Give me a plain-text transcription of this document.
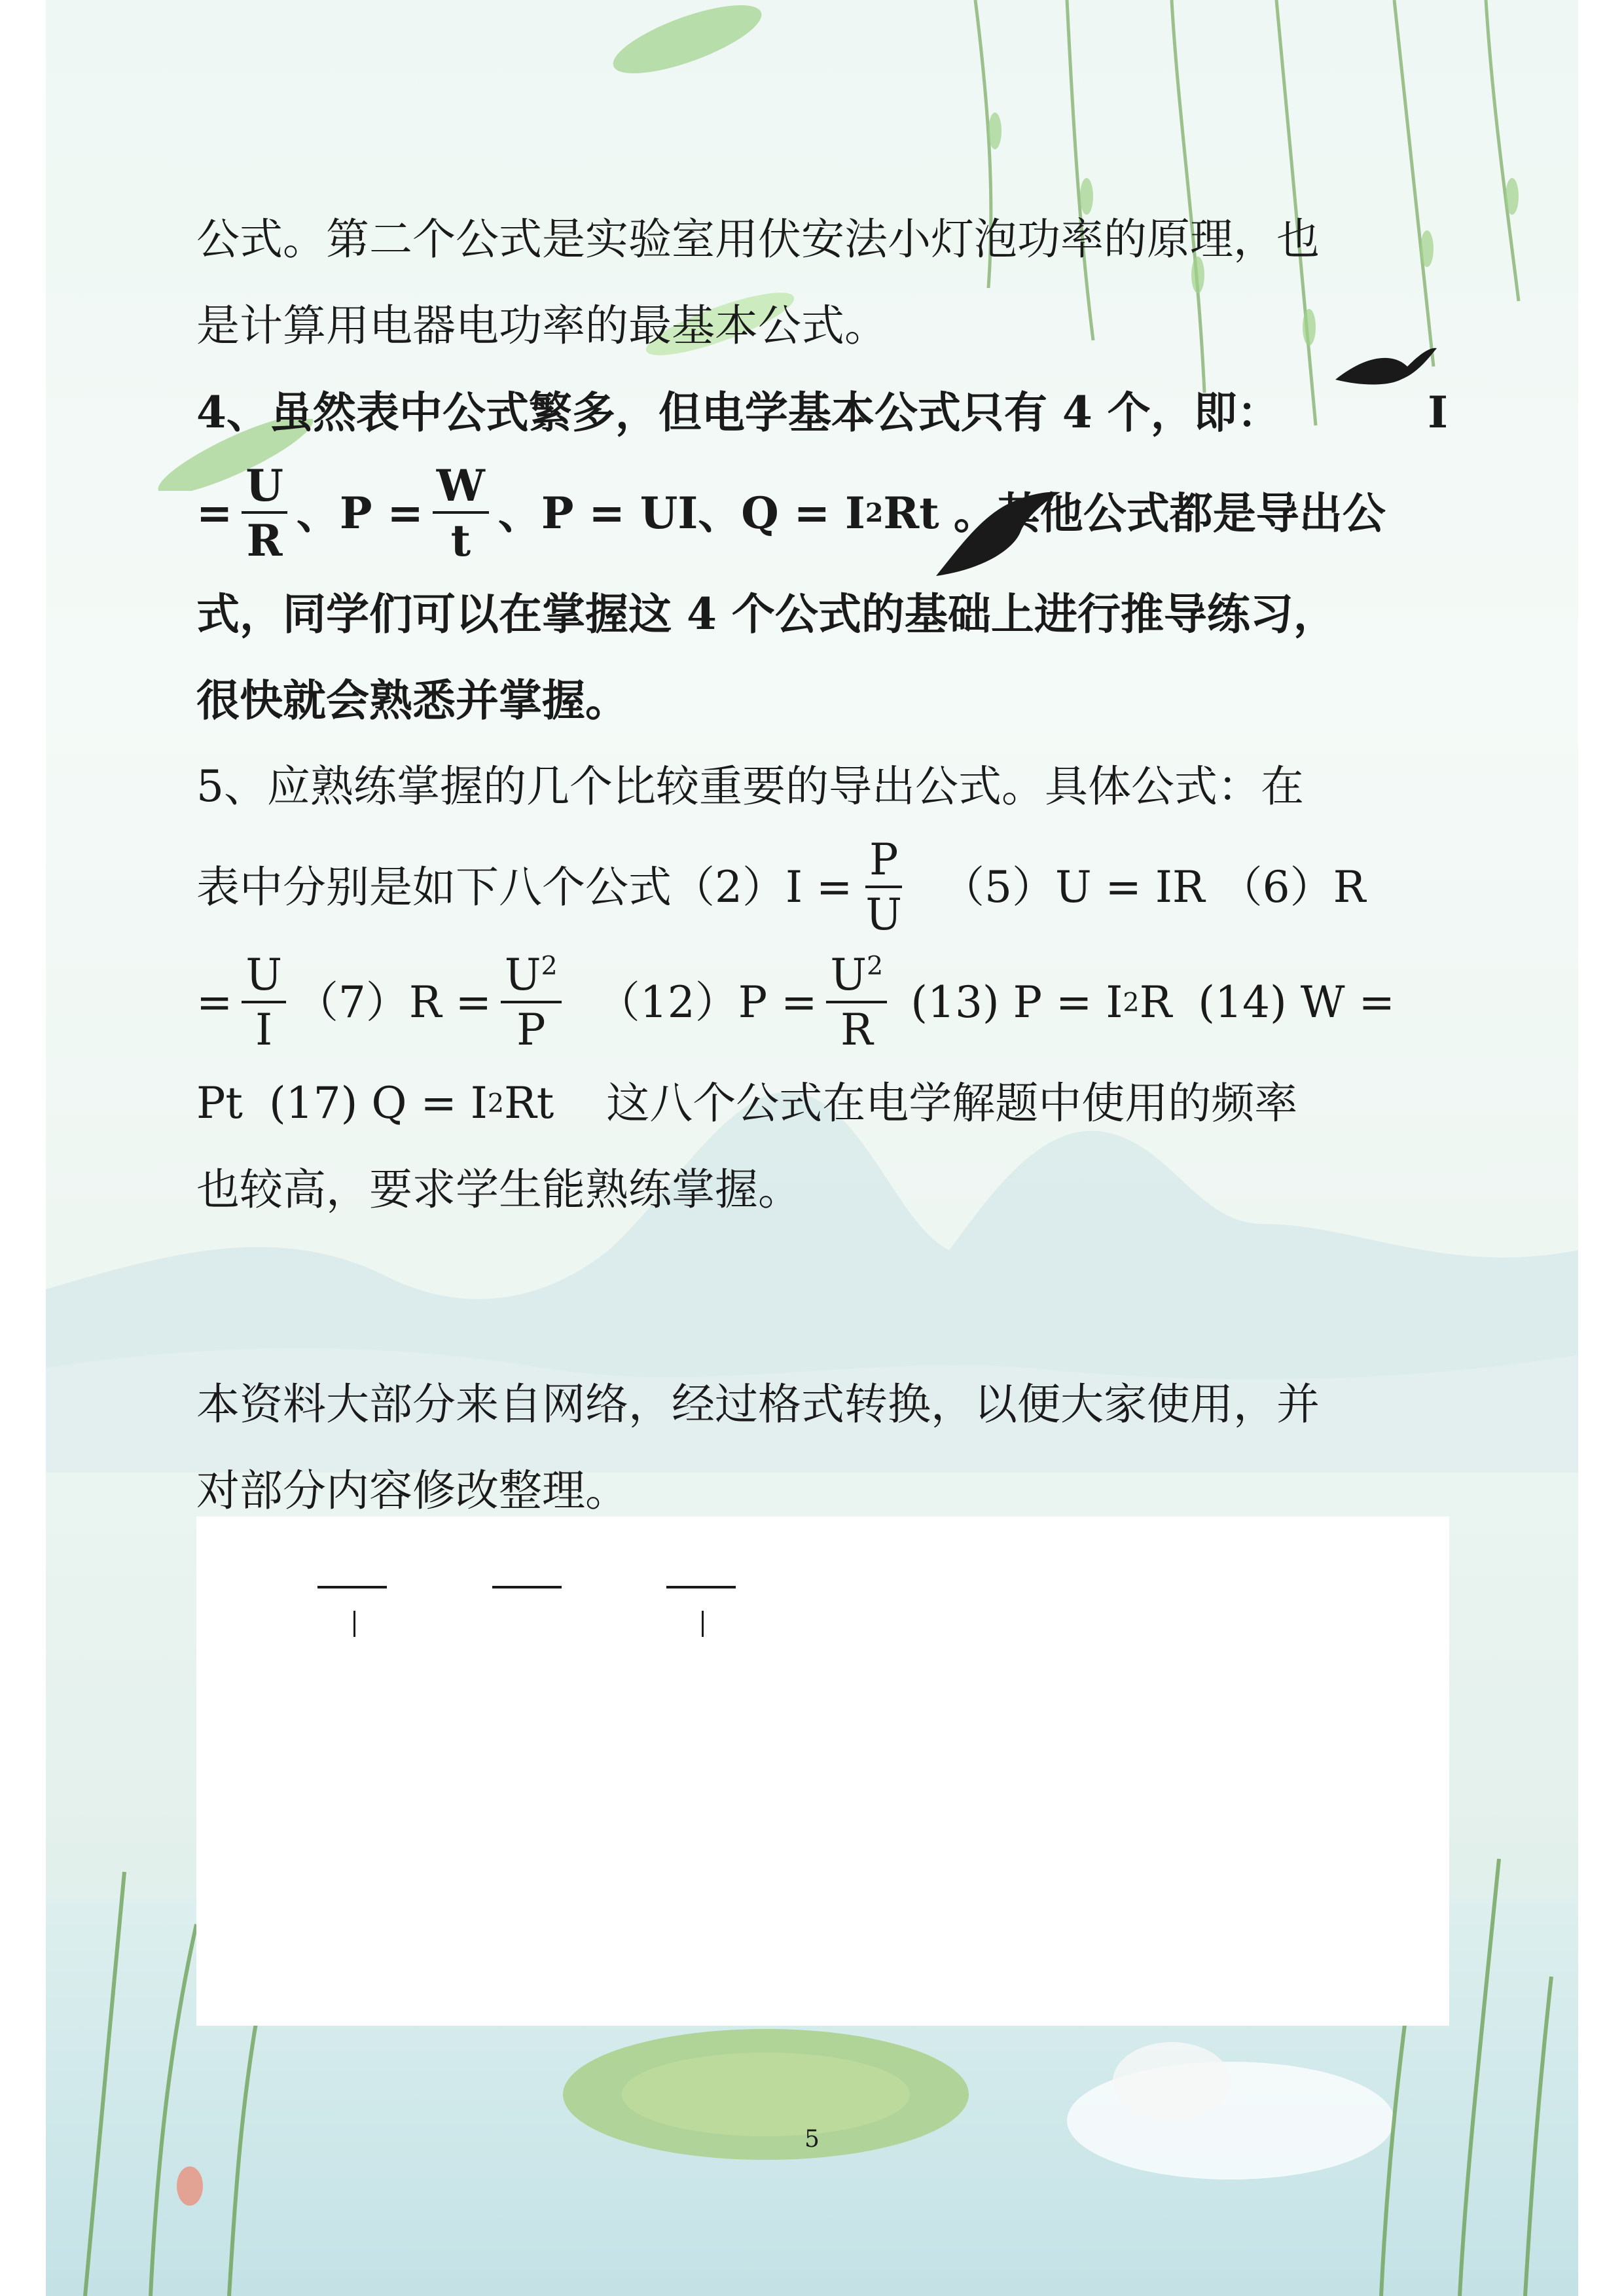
公式。第二个公式是实验室用伏安法小灯泡功率的原理，也
是计算用电器电功率的最基本公式。
4、虽然表中公式繁多，但电学基本公式只有 4 个，即：	I
= $\frac{U}{R}$ 、$P = \frac{W}{t}$ 、P = UI、Q = I 2 Rt 。其他公式都是导出公
式，同学们可以在掌握这 4 个公式的基础上进行推导练习，
很快就会熟悉并掌握。
5、应熟练掌握的几个比较重要的导出公式。具体公式：在
表中分别是如下八个公式$(2)I = \frac{P}{U} (5)U$ = IR （6）R
= $\frac{U}{I} (7)R = \frac{U^2}{P} (12)P = \frac{U^2}{R} (13) P = I$ 2 R (14) W =
Pt (17) Q = I 2 Rt 这八个公式在电学解题中使用的频率
也较高，要求学生能熟练掌握。
本资料大部分来自网络，经过格式转换，以便大家使用，并
对部分内容修改整理。
5
